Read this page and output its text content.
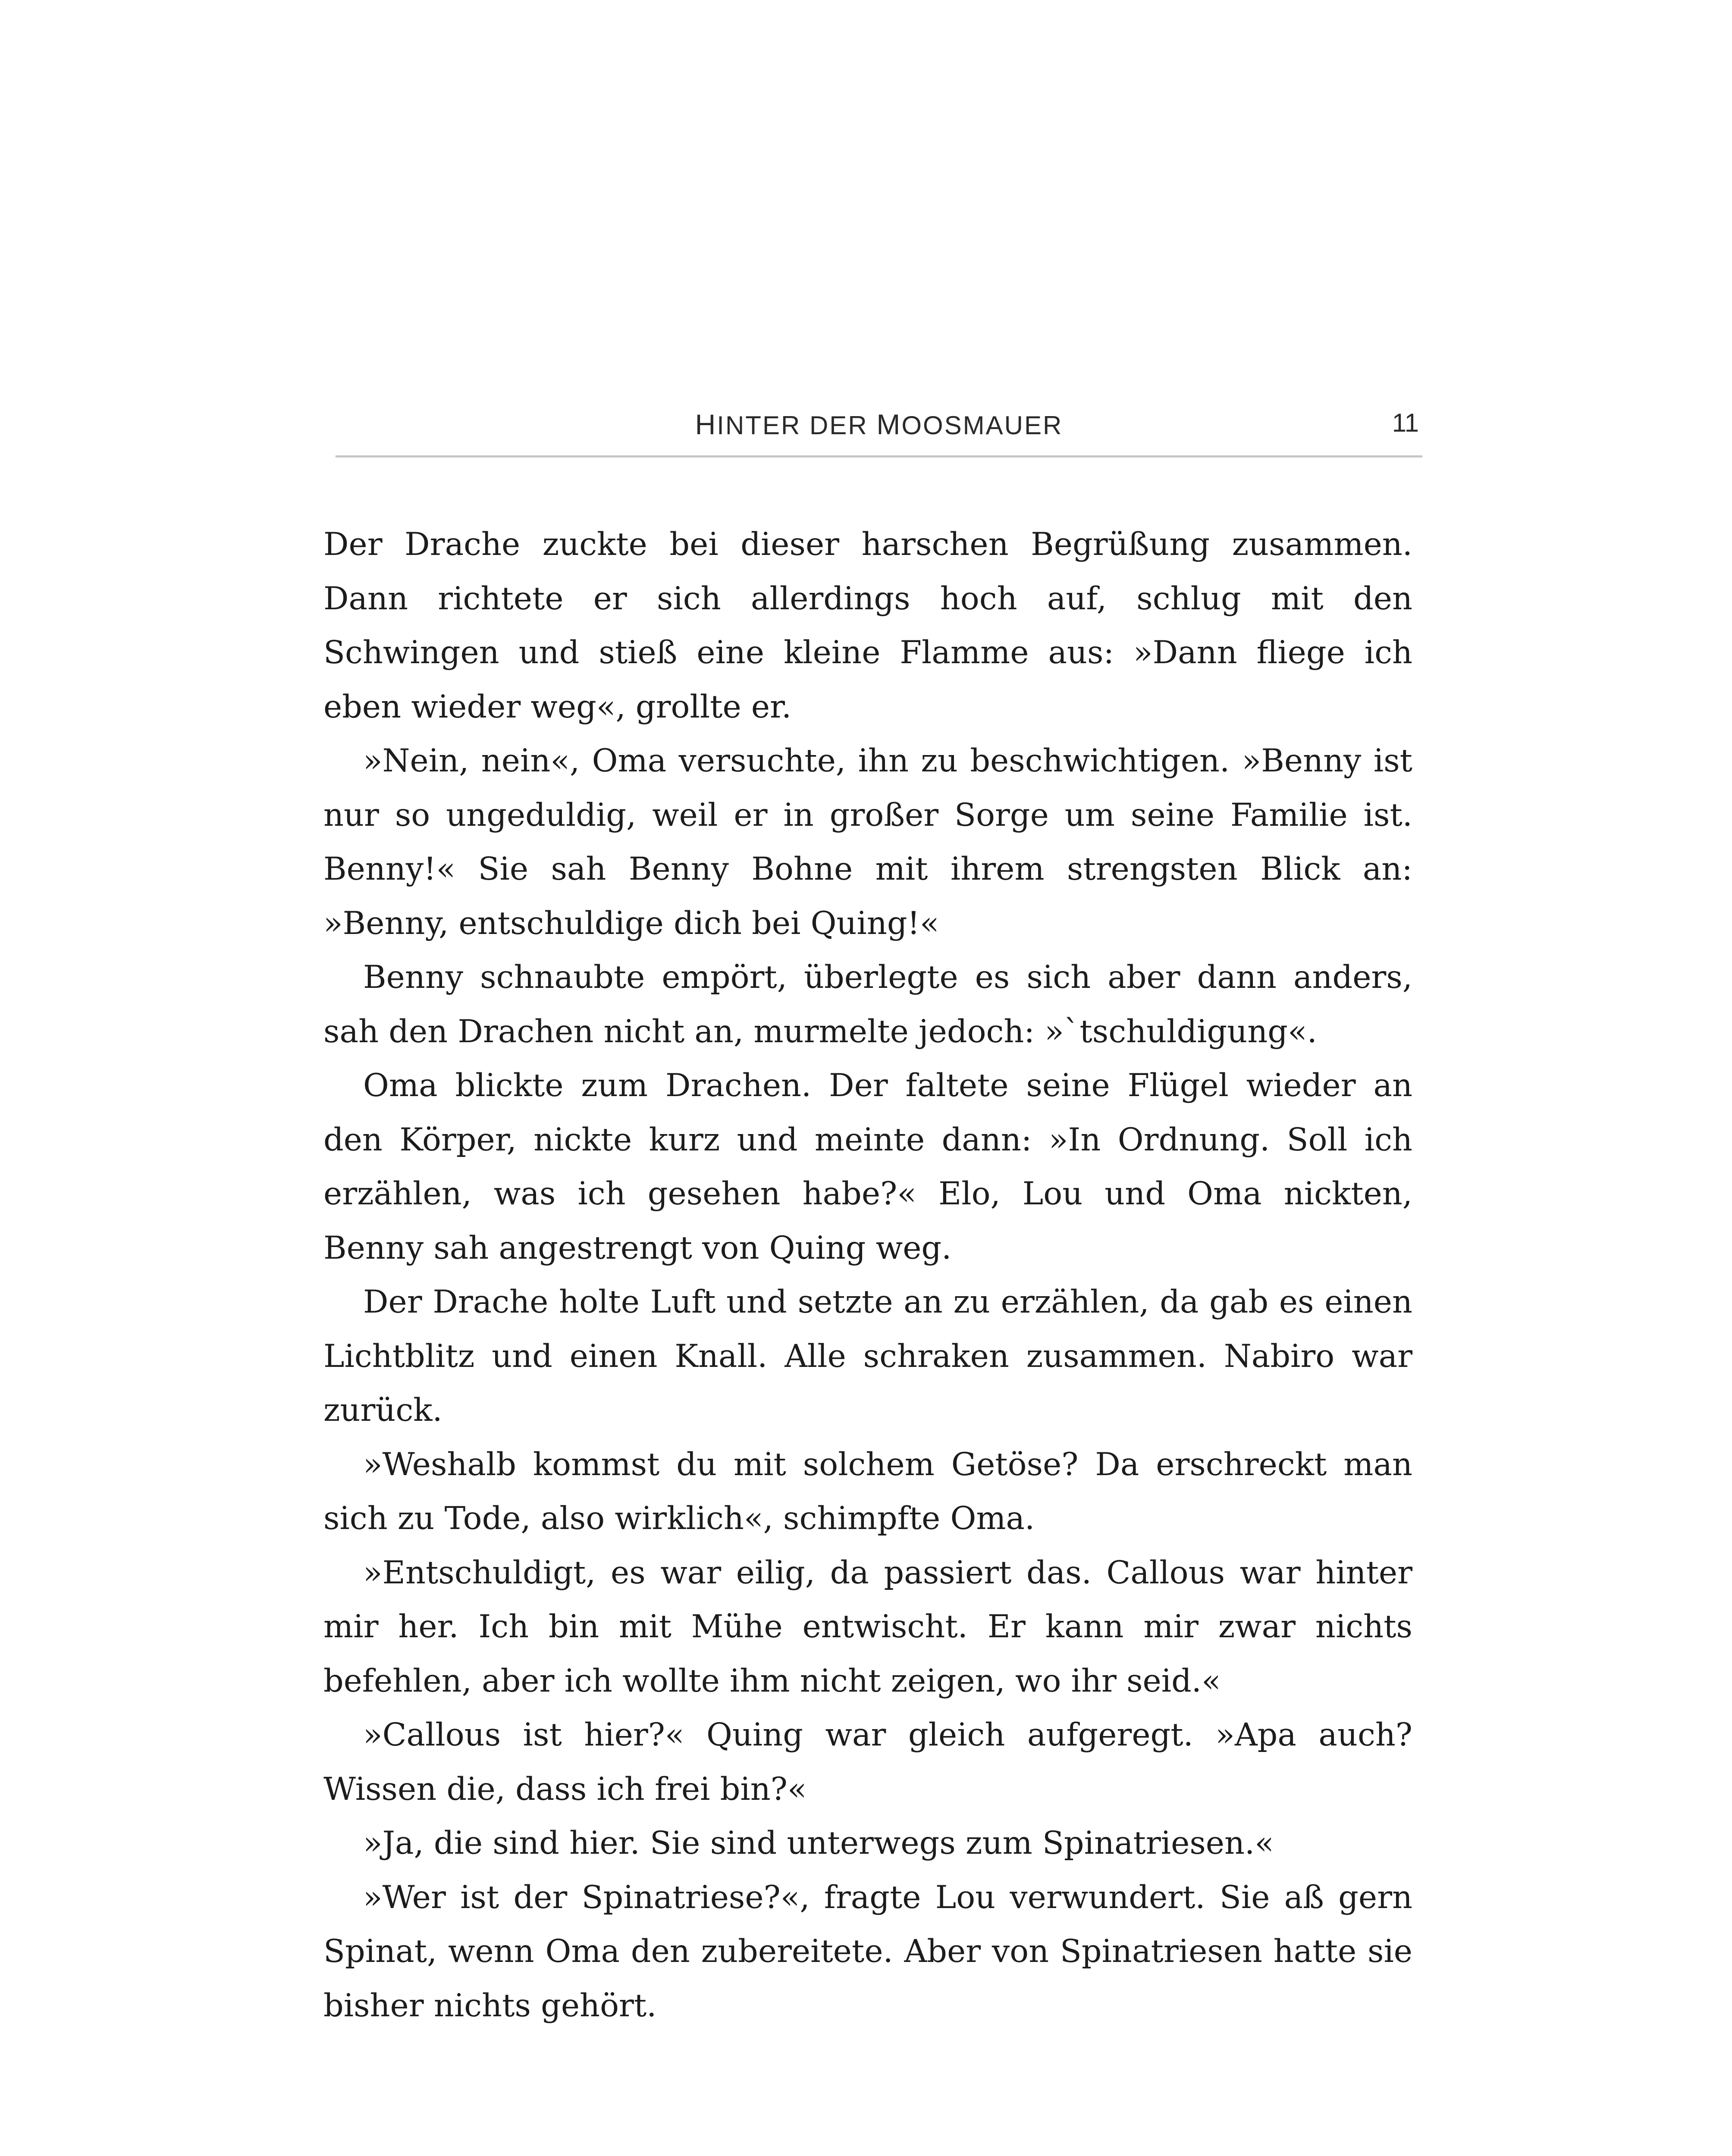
HINTER DER MOOSMAUER	11

Der Drache zuckte bei dieser harschen Begrüßung zusammen. Dann richtete er sich allerdings hoch auf, schlug mit den Schwingen und stieß eine kleine Flamme aus: »Dann fliege ich eben wieder weg«, grollte er.

»Nein, nein«, Oma versuchte, ihn zu beschwichtigen. »Benny ist nur so ungeduldig, weil er in großer Sorge um seine Familie ist. Benny!« Sie sah Benny Bohne mit ihrem strengsten Blick an: »Benny, entschuldige dich bei Quing!«

Benny schnaubte empört, überlegte es sich aber dann anders, sah den Drachen nicht an, murmelte jedoch: »`tschuldigung«.

Oma blickte zum Drachen. Der faltete seine Flügel wieder an den Körper, nickte kurz und meinte dann: »In Ordnung. Soll ich erzählen, was ich gesehen habe?« Elo, Lou und Oma nickten, Benny sah angestrengt von Quing weg.

Der Drache holte Luft und setzte an zu erzählen, da gab es einen Lichtblitz und einen Knall. Alle schraken zusammen. Nabiro war zurück.

»Weshalb kommst du mit solchem Getöse? Da erschreckt man sich zu Tode, also wirklich«, schimpfte Oma.

»Entschuldigt, es war eilig, da passiert das. Callous war hinter mir her. Ich bin mit Mühe entwischt. Er kann mir zwar nichts befehlen, aber ich wollte ihm nicht zeigen, wo ihr seid.«

»Callous ist hier?« Quing war gleich aufgeregt. »Apa auch? Wissen die, dass ich frei bin?«

»Ja, die sind hier. Sie sind unterwegs zum Spinatriesen.«

»Wer ist der Spinatriese?«, fragte Lou verwundert. Sie aß gern Spinat, wenn Oma den zubereitete. Aber von Spinatriesen hatte sie bisher nichts gehört.
